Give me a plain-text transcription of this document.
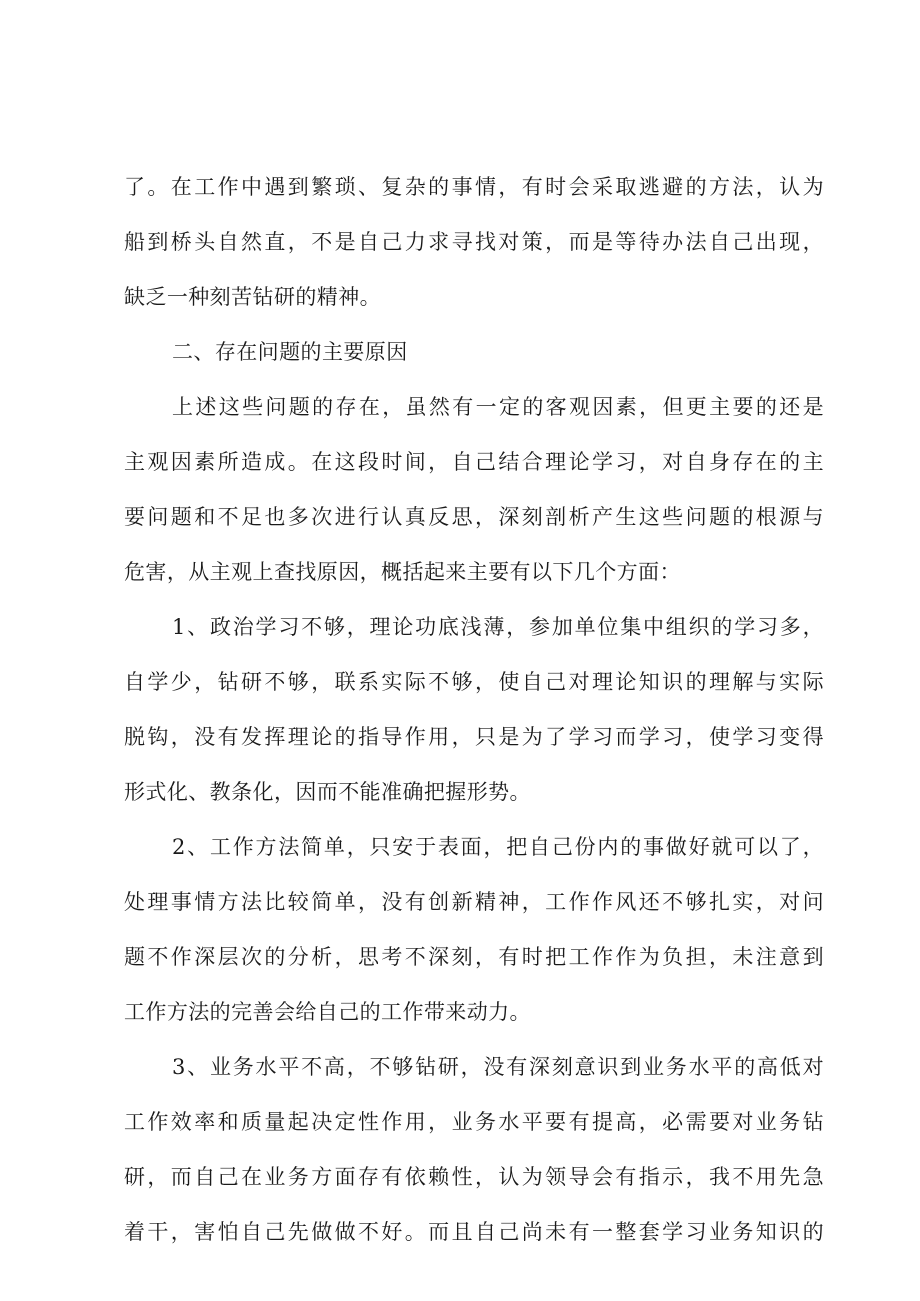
了。在工作中遇到繁琐、复杂的事情，有时会采取逃避的方法，认为
船到桥头自然直，不是自己力求寻找对策，而是等待办法自己出现，
缺乏一种刻苦钻研的精神。
二、存在问题的主要原因
上述这些问题的存在，虽然有一定的客观因素，但更主要的还是
主观因素所造成。在这段时间，自己结合理论学习，对自身存在的主
要问题和不足也多次进行认真反思，深刻剖析产生这些问题的根源与
危害，从主观上查找原因，概括起来主要有以下几个方面：
1、政治学习不够，理论功底浅薄，参加单位集中组织的学习多，
自学少，钻研不够，联系实际不够，使自己对理论知识的理解与实际
脱钩，没有发挥理论的指导作用，只是为了学习而学习，使学习变得
形式化、教条化，因而不能准确把握形势。
2、工作方法简单，只安于表面，把自己份内的事做好就可以了，
处理事情方法比较简单，没有创新精神，工作作风还不够扎实，对问
题不作深层次的分析，思考不深刻，有时把工作作为负担，未注意到
工作方法的完善会给自己的工作带来动力。
3、业务水平不高，不够钻研，没有深刻意识到业务水平的高低对
工作效率和质量起决定性作用，业务水平要有提高，必需要对业务钻
研，而自己在业务方面存有依赖性，认为领导会有指示，我不用先急
着干，害怕自己先做做不好。而且自己尚未有一整套学习业务知识的
